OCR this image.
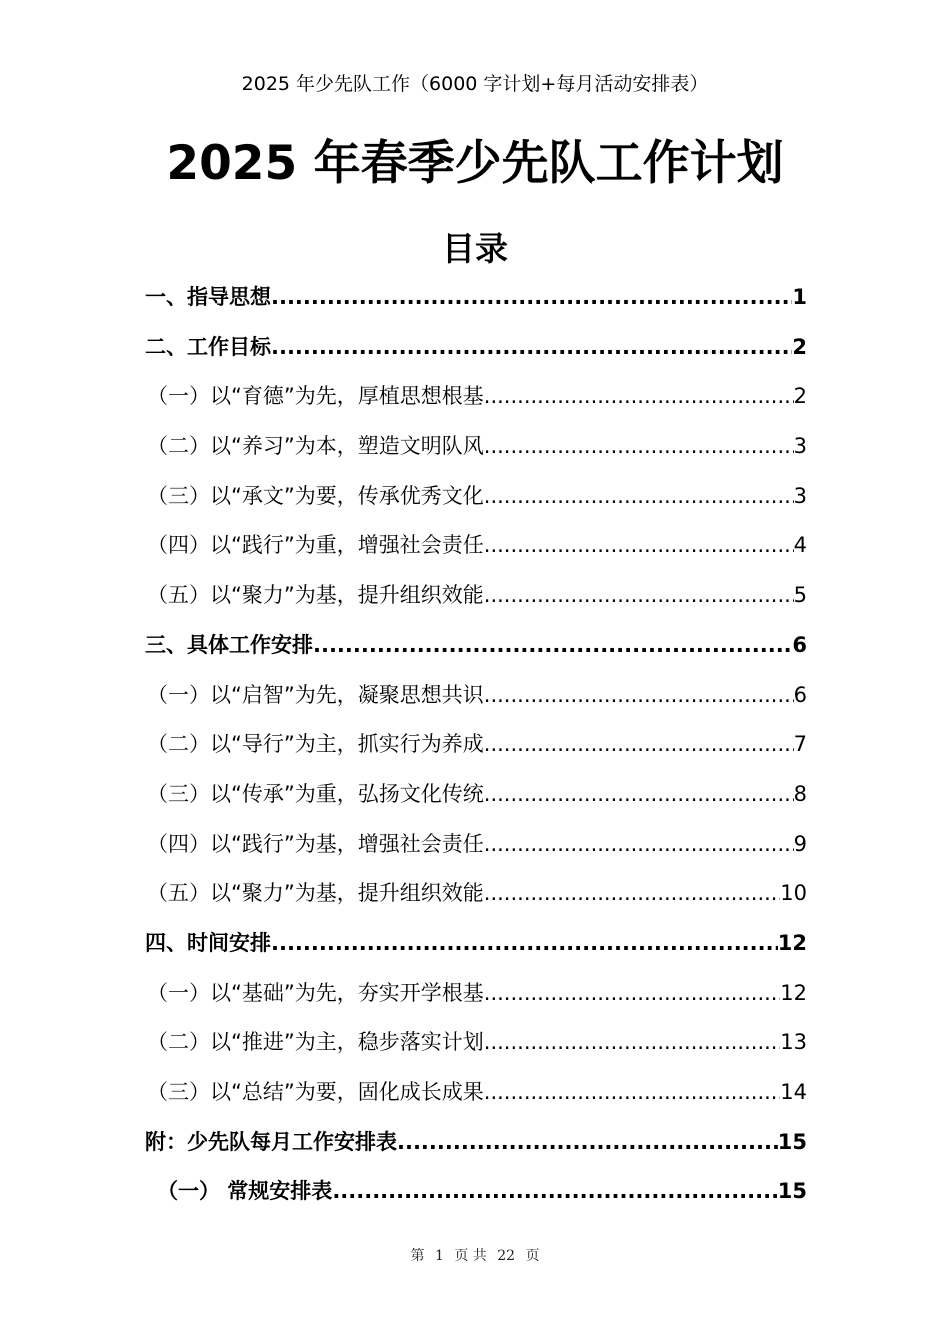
2025 年少先队工作（6000 字计划+每月活动安排表）
2025 年春季少先队工作计划
目录
一、指导思想 .....	1
二、工作目标 .....	2
（一）以“育德”为先，厚植思想根基 .....	2
（二）以“养习”为本，塑造文明队风 .....	3
（三）以“承文”为要，传承优秀文化 .....	3
（四）以“践行”为重，增强社会责任 .....	4
（五）以“聚力”为基，提升组织效能 .....	5
三、具体工作安排 .....	6
（一）以“启智”为先，凝聚思想共识 .....	6
（二）以“导行”为主，抓实行为养成 .....	7
（三）以“传承”为重，弘扬文化传统 .....	8
（四）以“践行”为基，增强社会责任 .....	9
（五）以“聚力”为基，提升组织效能 .....	10
四、时间安排 .....	12
（一）以“基础”为先，夯实开学根基 .....	12
（二）以“推进”为主，稳步落实计划 .....	13
（三）以“总结”为要，固化成长成果 .....	14
附：少先队每月工作安排表 .....	15
（一） 常规安排表 .....	15
第 1 页 共 22 页
